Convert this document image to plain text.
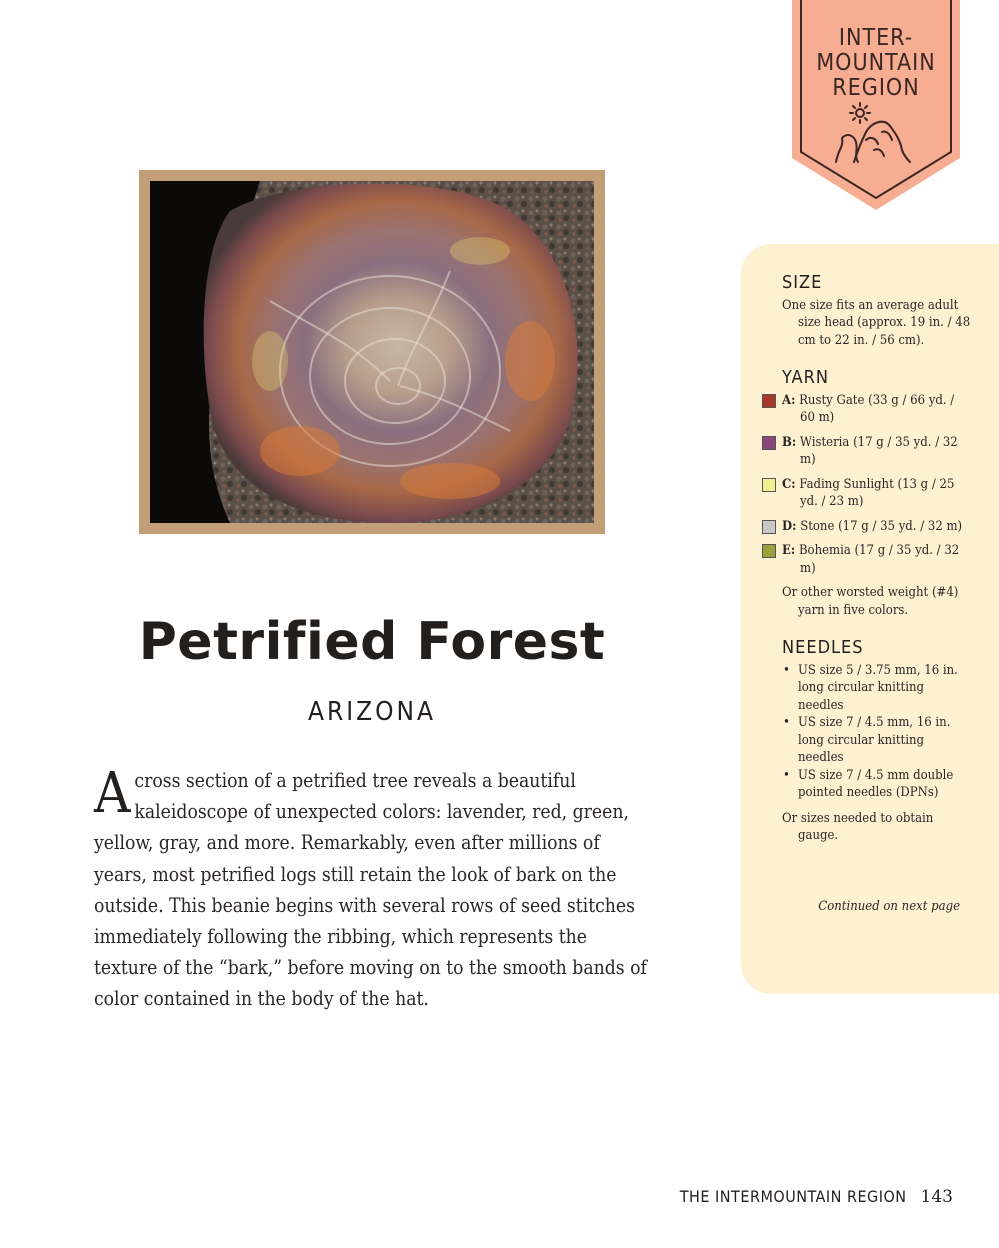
INTER-
MOUNTAIN
REGION
Petrified Forest
ARIZONA
A cross section of a petrified tree reveals a beautiful kaleidoscope of unexpected colors: lavender, red, green, yellow, gray, and more. Remarkably, even after millions of years, most petrified logs still retain the look of bark on the outside. This beanie begins with several rows of seed stitches immediately following the ribbing, which represents the texture of the “bark,” before moving on to the smooth bands of color contained in the body of the hat.
SIZE

One size fits an average adult size head (approx. 19 in. / 48 cm to 22 in. / 56 cm).

YARN
A: Rusty Gate (33 g / 66 yd. / 60 m)
B: Wisteria (17 g / 35 yd. / 32 m)
C: Fading Sunlight (13 g / 25 yd. / 23 m)
D: Stone (17 g / 35 yd. / 32 m)
E: Bohemia (17 g / 35 yd. / 32 m)

Or other worsted weight (#4) yarn in five colors.

NEEDLES
• US size 5 / 3.75 mm, 16 in. long circular knitting needles
• US size 7 / 4.5 mm, 16 in. long circular knitting needles
• US size 7 / 4.5 mm double pointed needles (DPNs)

Or sizes needed to obtain gauge.

Continued on next page
THE INTERMOUNTAIN REGION 143
